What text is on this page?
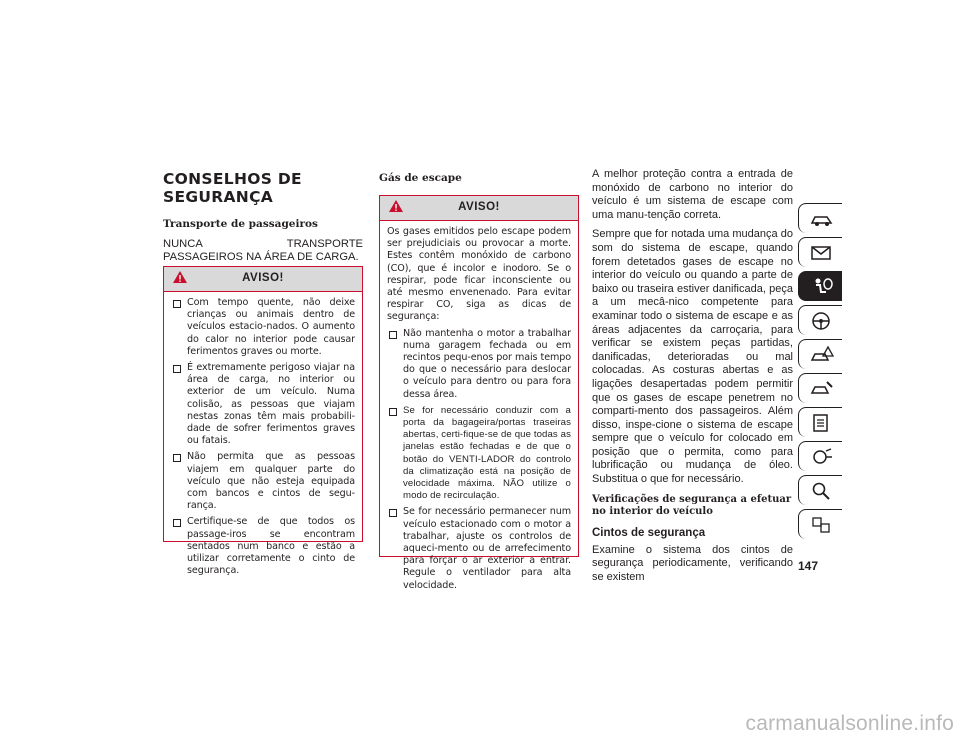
CONSELHOS DE
SEGURANÇA
Transporte de passageiros
NUNCA TRANSPORTE PASSAGEIROS NA ÁREA DE CARGA.
AVISO!
Com tempo quente, não deixe crianças ou animais dentro de veículos estacio-nados. O aumento do calor no interior pode causar ferimentos graves ou morte.
É extremamente perigoso viajar na área de carga, no interior ou exterior de um veículo. Numa colisão, as pessoas que viajam nestas zonas têm mais probabili-dade de sofrer ferimentos graves ou fatais.
Não permita que as pessoas viajem em qualquer parte do veículo que não esteja equipada com bancos e cintos de segu-rança.
Certifique-se de que todos os passage-iros se encontram sentados num banco e estão a utilizar corretamente o cinto de segurança.
Gás de escape
AVISO!
Os gases emitidos pelo escape podem ser prejudiciais ou provocar a morte. Estes contêm monóxido de carbono (CO), que é incolor e inodoro. Se o respirar, pode ficar inconsciente ou até mesmo envenenado. Para evitar respirar CO, siga as dicas de segurança:
Não mantenha o motor a trabalhar numa garagem fechada ou em recintos pequ-enos por mais tempo do que o necessário para deslocar o veículo para dentro ou para fora dessa área.
Se for necessário conduzir com a porta da bagageira/portas traseiras abertas, certi-fique-se de que todas as janelas estão fechadas e de que o botão do VENTI-LADOR do controlo da climatização está na posição de velocidade máxima. NÃO utilize o modo de recirculação.
Se for necessário permanecer num veículo estacionado com o motor a trabalhar, ajuste os controlos de aqueci-mento ou de arrefecimento para forçar o ar exterior a entrar. Regule o ventilador para alta velocidade.
A melhor proteção contra a entrada de monóxido de carbono no interior do veículo é um sistema de escape com uma manu-tenção correta.
Sempre que for notada uma mudança do som do sistema de escape, quando forem detetados gases de escape no interior do veículo ou quando a parte de baixo ou traseira estiver danificada, peça a um mecâ-nico competente para examinar todo o sistema de escape e as áreas adjacentes da carroçaria, para verificar se existem peças partidas, danificadas, deterioradas ou mal colocadas. As costuras abertas e as ligações desapertadas podem permitir que os gases de escape penetrem no comparti-mento dos passageiros. Além disso, inspe-cione o sistema de escape sempre que o veículo for colocado em posição que o permita, como para lubrificação ou mudança de óleo. Substitua o que for necessário.
Verificações de segurança a efetuar no interior do veículo
Cintos de segurança
Examine o sistema dos cintos de segurança periodicamente, verificando se existem
147
carmanualsonline.info
